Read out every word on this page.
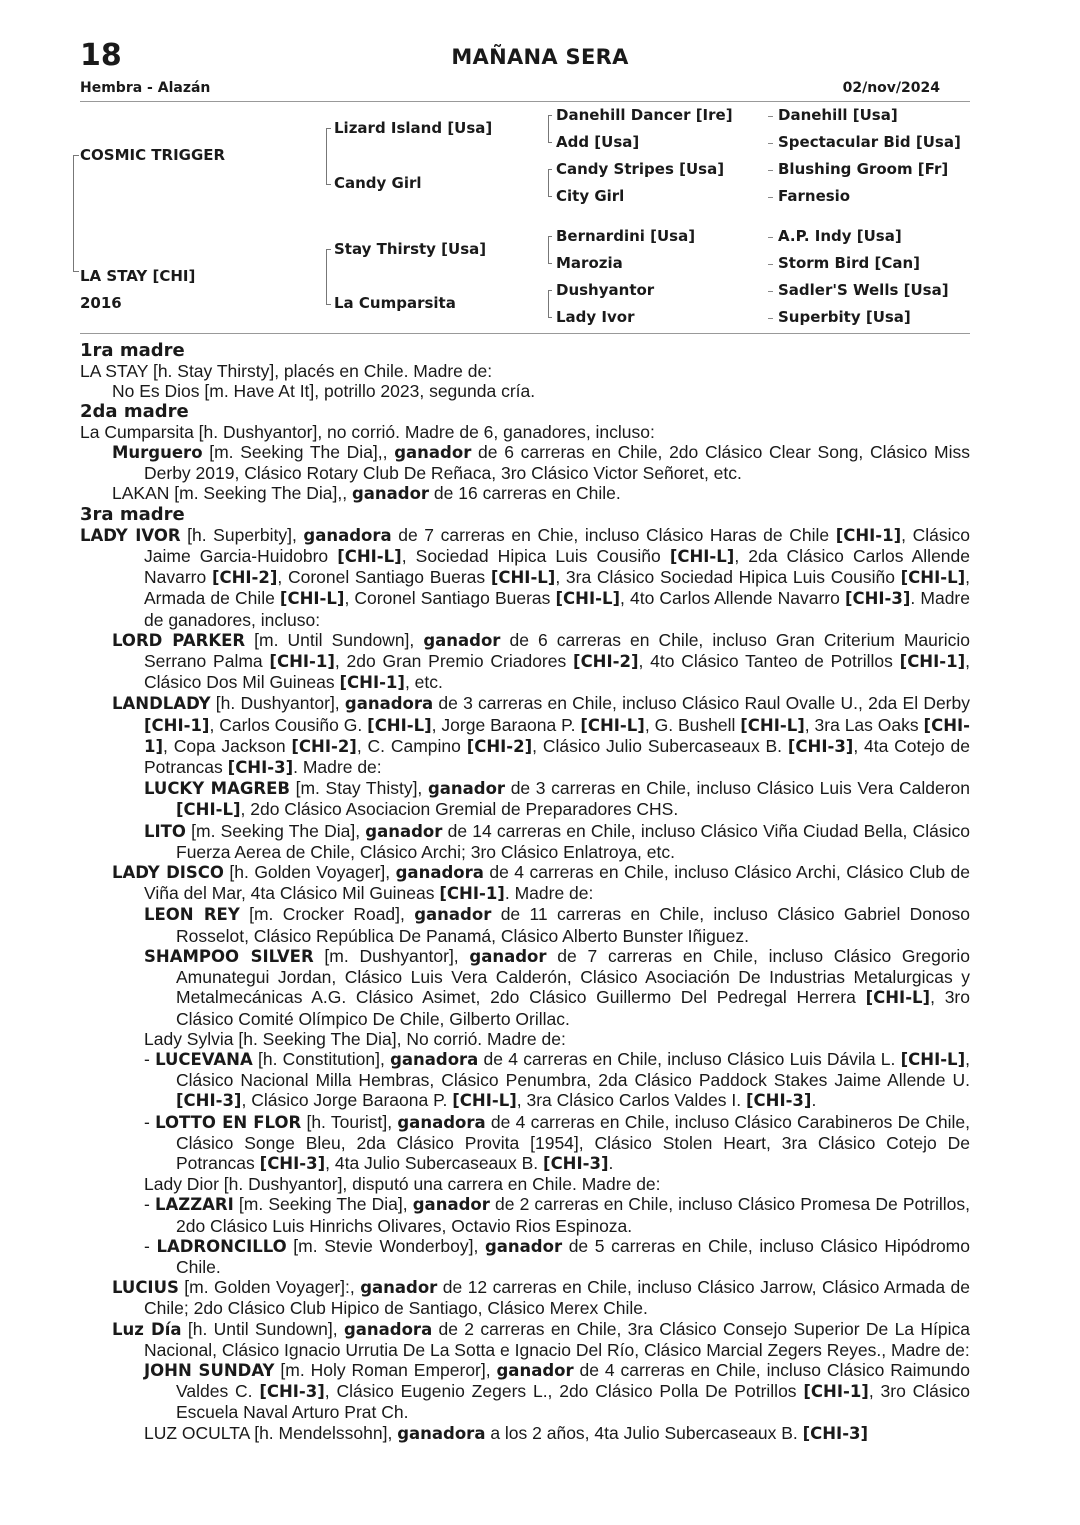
18	MAÑANA SERA
Hembra - Alazán	02/nov/2024
COSMIC TRIGGER
LA STAY [CHI]
2016
Lizard Island [Usa]
Candy Girl
Stay Thirsty [Usa]
La Cumparsita
Danehill Dancer [Ire]
Add [Usa]
Candy Stripes [Usa]
City Girl
Bernardini [Usa]
Marozia
Dushyantor
Lady Ivor
Danehill [Usa]
Spectacular Bid [Usa]
Blushing Groom [Fr]
Farnesio
A.P. Indy [Usa]
Storm Bird [Can]
Sadler'S Wells [Usa]
Superbity [Usa]
1ra madre
LA STAY [h. Stay Thirsty], placés en Chile. Madre de:
No Es Dios [m. Have At It], potrillo 2023, segunda cría.
2da madre
La Cumparsita [h. Dushyantor], no corrió. Madre de 6, ganadores, incluso:
Murguero [m. Seeking The Dia],, ganador de 6 carreras en Chile, 2do Clásico Clear Song, Clásico Miss Derby 2019, Clásico Rotary Club De Reñaca, 3ro Clásico Victor Señoret, etc.
LAKAN [m. Seeking The Dia],, ganador de 16 carreras en Chile.
3ra madre
LADY IVOR [h. Superbity], ganadora de 7 carreras en Chie, incluso Clásico Haras de Chile [CHI-1], Clásico Jaime Garcia-Huidobro [CHI-L], Sociedad Hipica Luis Cousiño [CHI-L], 2da Clásico Carlos Allende Navarro [CHI-2], Coronel Santiago Bueras [CHI-L], 3ra Clásico Sociedad Hipica Luis Cousiño [CHI-L], Armada de Chile [CHI-L], Coronel Santiago Bueras [CHI-L], 4to Carlos Allende Navarro [CHI-3]. Madre de ganadores, incluso:
LORD PARKER [m. Until Sundown], ganador de 6 carreras en Chile, incluso Gran Criterium Mauricio Serrano Palma [CHI-1], 2do Gran Premio Criadores [CHI-2], 4to Clásico Tanteo de Potrillos [CHI-1], Clásico Dos Mil Guineas [CHI-1], etc.
LANDLADY [h. Dushyantor], ganadora de 3 carreras en Chile, incluso Clásico Raul Ovalle U., 2da El Derby [CHI-1], Carlos Cousiño G. [CHI-L], Jorge Baraona P. [CHI-L], G. Bushell [CHI-L], 3ra Las Oaks [CHI-1], Copa Jackson [CHI-2], C. Campino [CHI-2], Clásico Julio Subercaseaux B. [CHI-3], 4ta Cotejo de Potrancas [CHI-3]. Madre de:
LUCKY MAGREB [m. Stay Thisty], ganador de 3 carreras en Chile, incluso Clásico Luis Vera Calderon [CHI-L], 2do Clásico Asociacion Gremial de Preparadores CHS.
LITO [m. Seeking The Dia], ganador de 14 carreras en Chile, incluso Clásico Viña Ciudad Bella, Clásico Fuerza Aerea de Chile, Clásico Archi; 3ro Clásico Enlatroya, etc.
LADY DISCO [h. Golden Voyager], ganadora de 4 carreras en Chile, incluso Clásico Archi, Clásico Club de Viña del Mar, 4ta Clásico Mil Guineas [CHI-1]. Madre de:
LEON REY [m. Crocker Road], ganador de 11 carreras en Chile, incluso Clásico Gabriel Donoso Rosselot, Clásico República De Panamá, Clásico Alberto Bunster Iñiguez.
SHAMPOO SILVER [m. Dushyantor], ganador de 7 carreras en Chile, incluso Clásico Gregorio Amunategui Jordan, Clásico Luis Vera Calderón, Clásico Asociación De Industrias Metalurgicas y Metalmecánicas A.G. Clásico Asimet, 2do Clásico Guillermo Del Pedregal Herrera [CHI-L], 3ro Clásico Comité Olímpico De Chile, Gilberto Orillac.
Lady Sylvia [h. Seeking The Dia], No corrió. Madre de:
- LUCEVANA [h. Constitution], ganadora de 4 carreras en Chile, incluso Clásico Luis Dávila L. [CHI-L], Clásico Nacional Milla Hembras, Clásico Penumbra, 2da Clásico Paddock Stakes Jaime Allende U. [CHI-3], Clásico Jorge Baraona P. [CHI-L], 3ra Clásico Carlos Valdes I. [CHI-3].
- LOTTO EN FLOR [h. Tourist], ganadora de 4 carreras en Chile, incluso Clásico Carabineros De Chile, Clásico Songe Bleu, 2da Clásico Provita [1954], Clásico Stolen Heart, 3ra Clásico Cotejo De Potrancas [CHI-3], 4ta Julio Subercaseaux B. [CHI-3].
Lady Dior [h. Dushyantor], disputó una carrera en Chile. Madre de:
- LAZZARI [m. Seeking The Dia], ganador de 2 carreras en Chile, incluso Clásico Promesa De Potrillos, 2do Clásico Luis Hinrichs Olivares, Octavio Rios Espinoza.
- LADRONCILLO [m. Stevie Wonderboy], ganador de 5 carreras en Chile, incluso Clásico Hipódromo Chile.
LUCIUS [m. Golden Voyager]:, ganador de 12 carreras en Chile, incluso Clásico Jarrow, Clásico Armada de Chile; 2do Clásico Club Hipico de Santiago, Clásico Merex Chile.
Luz Día [h. Until Sundown], ganadora de 2 carreras en Chile, 3ra Clásico Consejo Superior De La Hípica Nacional, Clásico Ignacio Urrutia De La Sotta e Ignacio Del Río, Clásico Marcial Zegers Reyes., Madre de:
JOHN SUNDAY [m. Holy Roman Emperor], ganador de 4 carreras en Chile, incluso Clásico Raimundo Valdes C. [CHI-3], Clásico Eugenio Zegers L., 2do Clásico Polla De Potrillos [CHI-1], 3ro Clásico Escuela Naval Arturo Prat Ch.
LUZ OCULTA [h. Mendelssohn], ganadora a los 2 años, 4ta Julio Subercaseaux B. [CHI-3]
